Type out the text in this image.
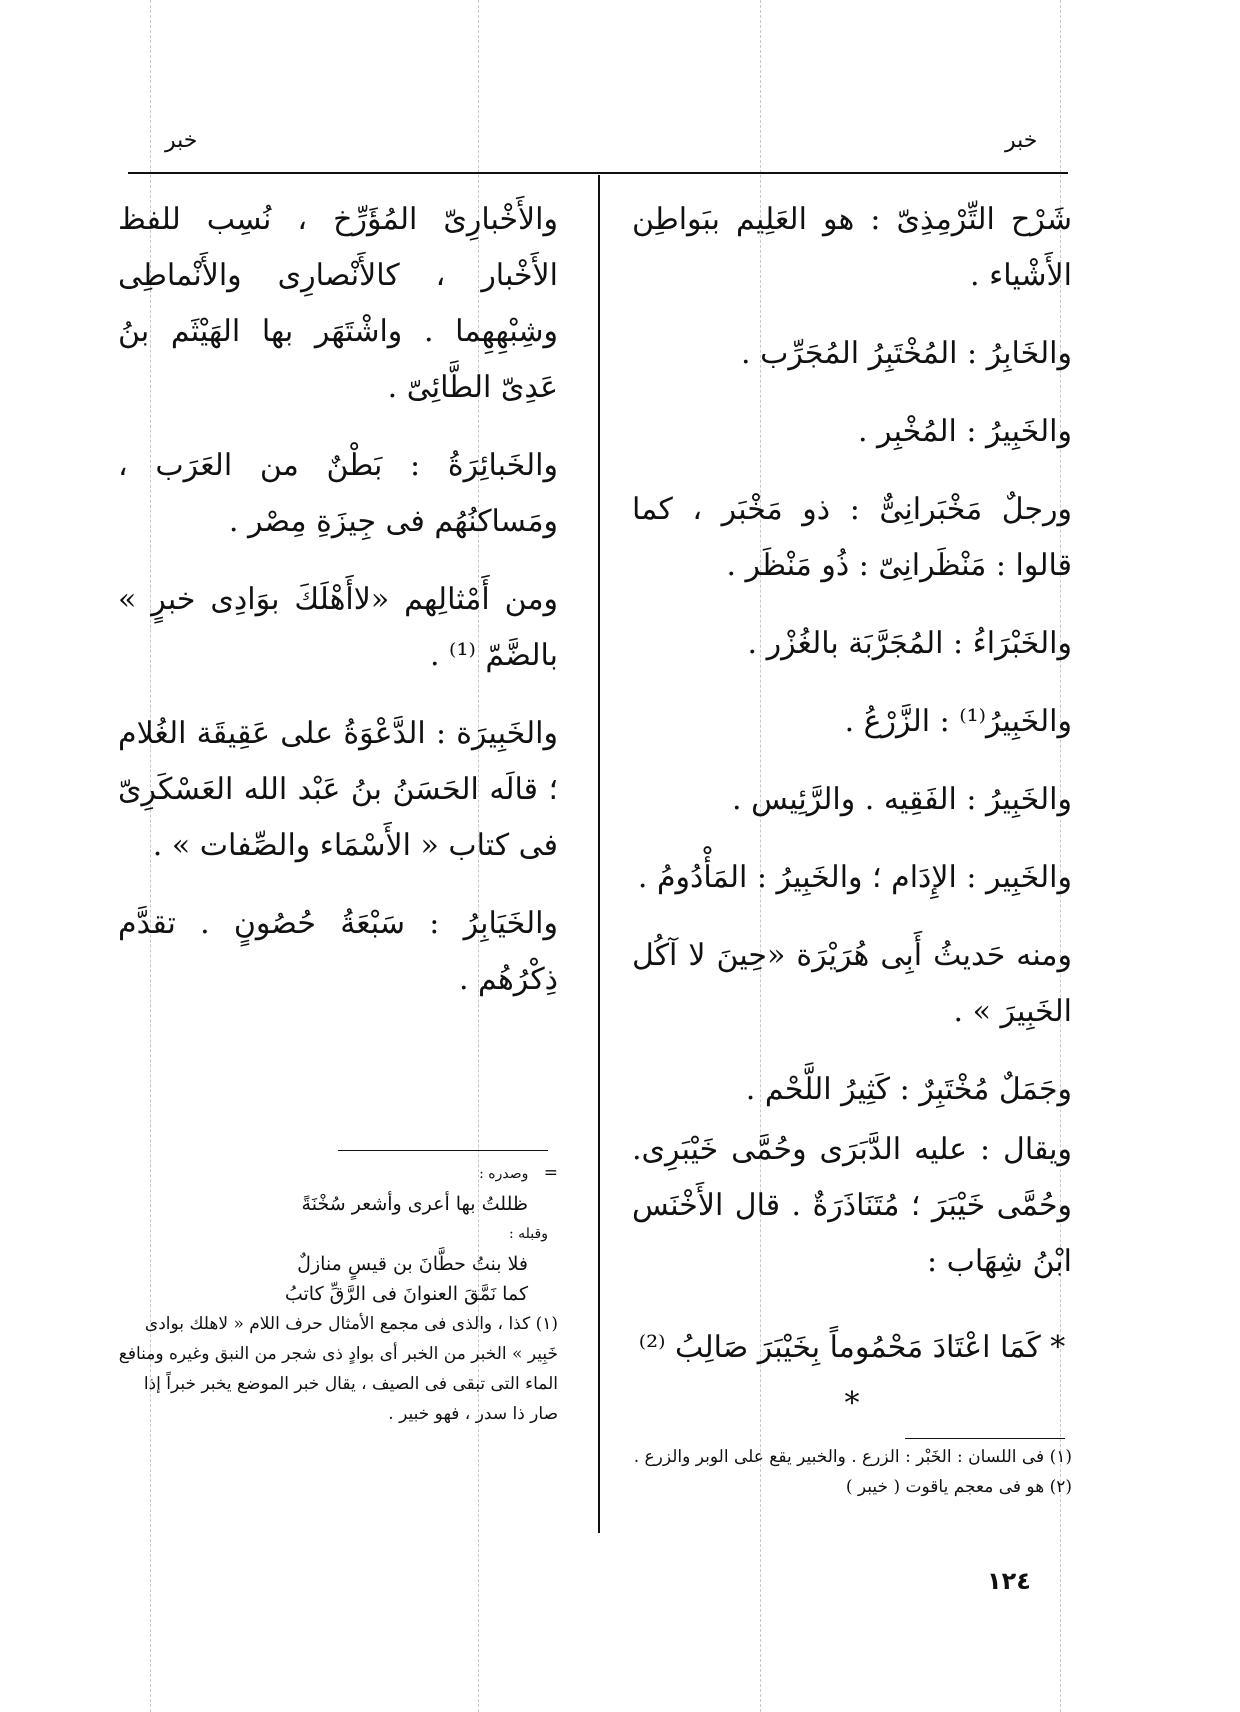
خبر
خبر

شَرْح التِّرْمِذِىّ : هو العَلِيم ببَواطِن الأَشْياء .

والخَابِرُ : المُخْتَبِرُ المُجَرِّب .

والخَبِيرُ : المُخْبِر .

ورجلٌ مَخْبَرانِىٌّ : ذو مَخْبَر ، كما قالوا : مَنْظَرانِىّ : ذُو مَنْظَر .

والخَبْرَاءُ : المُجَرَّبَة بالغُزْر .

والخَبِيرُ⁽¹⁾ : الزَّرْعُ .

والخَبِيرُ : الفَقِيه . والرَّئِيس .

والخَبِير : الإِدَام ؛ والخَبِيرُ : المَأْدُومُ .

ومنه حَديثُ أَبِى هُرَيْرَة «حِينَ لا آكُل الخَبِيرَ » .

وجَمَلٌ مُخْتَبِرٌ : كَثِيرُ اللَّحْم .

ويقال : عليه الدَّبَرَى وحُمَّى خَيْبَرِى. وحُمَّى خَيْبَرَ ؛ مُتَنَاذَرَةٌ . قال الأَخْنَس ابْنُ شِهَاب :

* كَمَا اعْتَادَ مَحْمُوماً بِخَيْبَرَ صَالِبُ ⁽²⁾ *

(١) فى اللسان : الخَبْر : الزرع . والخبير يقع على الوبر والزرع .
(٢) هو فى معجم ياقوت ( خيبر )

والأَخْبارِىّ المُؤَرِّخ ، نُسِب للفظ الأَخْبار ، كالأَنْصارِى والأَنْماطِى وشِبْهِهِما . واشْتَهَر بها الهَيْثَم بنُ عَدِىّ الطَّائِىّ .

والخَبائِرَةُ : بَطْنٌ من العَرَب ، ومَساكنُهُم فى جِيزَةِ مِصْر .

ومن أَمْثالِهم «لاأَهْلَكَ بوَادِى خبرٍ » بالضَّمّ ⁽¹⁾ .

والخَبِيرَة : الدَّعْوَةُ على عَقِيقَة الغُلام ؛ قالَه الحَسَنُ بنُ عَبْد الله العَسْكَرِىّ فى كتاب « الأَسْمَاء والصِّفات » .

والخَيَابِرُ : سَبْعَةُ حُصُونٍ . تقدَّم ذِكْرُهُم .

= وصدره :
ظللتُ بها أعرى وأشعر سُخْنَةً
وقبله :
فلا بنتُ حطَّانَ بن قيسٍ منازلٌ
كما نَمَّقَ العنوانَ فى الرَّقِّ كاتبُ
(١) كذا ، والذى فى مجمع الأمثال حرف اللام « لاهلك بوادى خَبِير » الخبر من الخبر أى بوادٍ ذى شجر من النبق وغيره ومنافع الماء التى تبقى فى الصيف ، يقال خبر الموضع يخبر خبراً إذا صار ذا سدر ، فهو خبير .
١٢٤
